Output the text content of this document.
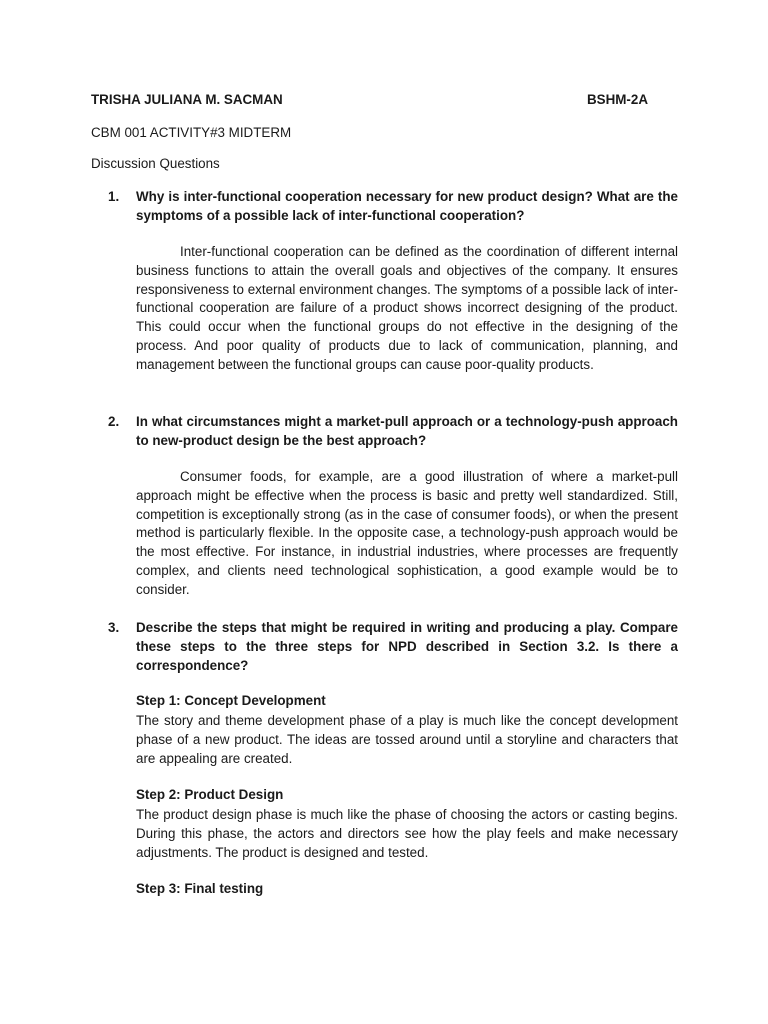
TRISHA JULIANA M. SACMAN	BSHM-2A
CBM 001 ACTIVITY#3 MIDTERM
Discussion Questions
1. Why is inter-functional cooperation necessary for new product design? What are the symptoms of a possible lack of inter-functional cooperation?
Inter-functional cooperation can be defined as the coordination of different internal business functions to attain the overall goals and objectives of the company. It ensures responsiveness to external environment changes. The symptoms of a possible lack of inter-functional cooperation are failure of a product shows incorrect designing of the product. This could occur when the functional groups do not effective in the designing of the process. And poor quality of products due to lack of communication, planning, and management between the functional groups can cause poor-quality products.
2. In what circumstances might a market-pull approach or a technology-push approach to new-product design be the best approach?
Consumer foods, for example, are a good illustration of where a market-pull approach might be effective when the process is basic and pretty well standardized. Still, competition is exceptionally strong (as in the case of consumer foods), or when the present method is particularly flexible. In the opposite case, a technology-push approach would be the most effective. For instance, in industrial industries, where processes are frequently complex, and clients need technological sophistication, a good example would be to consider.
3. Describe the steps that might be required in writing and producing a play. Compare these steps to the three steps for NPD described in Section 3.2. Is there a correspondence?
Step 1: Concept Development
The story and theme development phase of a play is much like the concept development phase of a new product. The ideas are tossed around until a storyline and characters that are appealing are created.
Step 2: Product Design
The product design phase is much like the phase of choosing the actors or casting begins. During this phase, the actors and directors see how the play feels and make necessary adjustments. The product is designed and tested.
Step 3: Final testing
